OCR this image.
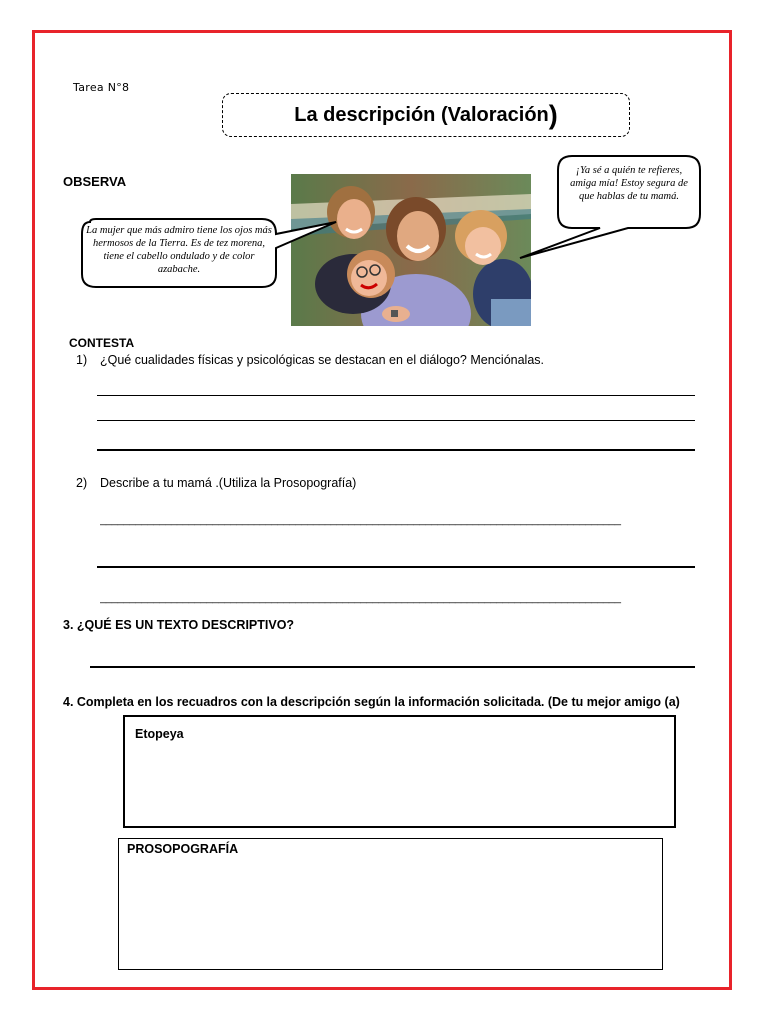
Tarea N°8
La descripción (Valoración )
OBSERVA
La mujer que más admiro tiene los ojos más hermosos de la Tierra. Es de tez morena, tiene el cabello ondulado y de color azabache.
¡Ya sé a quién te refieres, amiga mía! Estoy segura de que hablas de tu mamá.
CONTESTA
1) ¿Qué cualidades físicas y psicológicas se destacan en el diálogo? Menciónalas.
2) Describe a tu mamá .(Utiliza la Prosopografía)
________________________________________________________________________________________
________________________________________________________________________________________
3. ¿QUÉ ES UN TEXTO DESCRIPTIVO?
4. Completa en los recuadros con la descripción según la información solicitada. (De tu mejor amigo (a)
Etopeya
PROSOPOGRAFÍA
